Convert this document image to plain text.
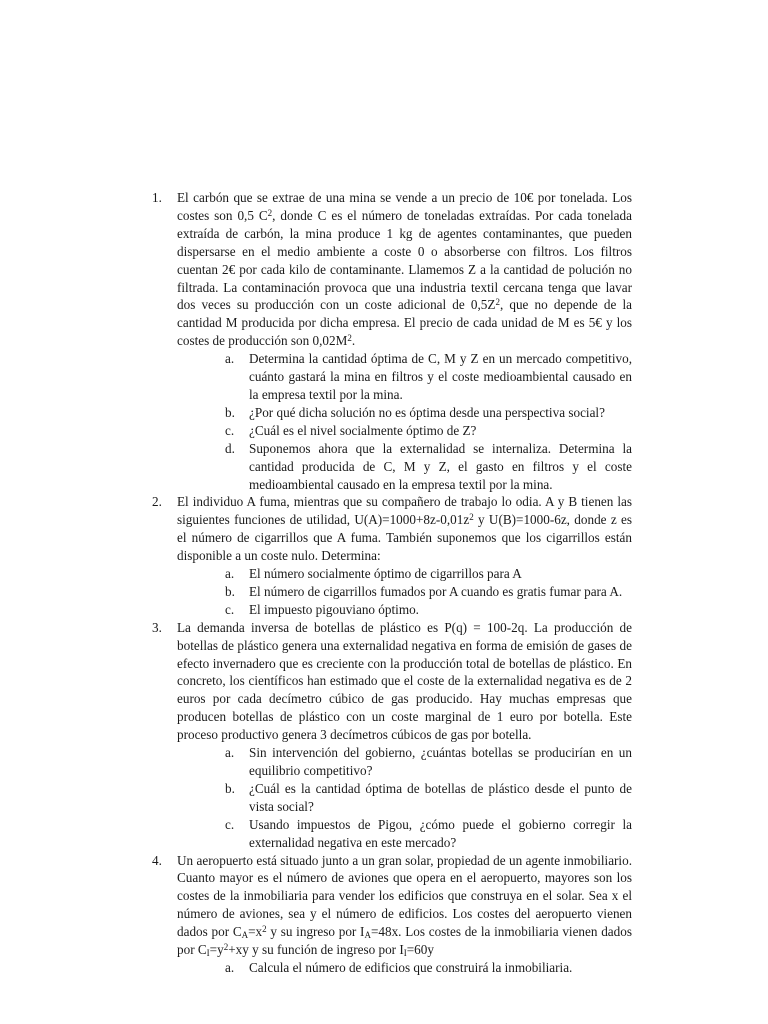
1. El carbón que se extrae de una mina se vende a un precio de 10€ por tonelada. Los costes son 0,5 $C^2$, donde C es el número de toneladas extraídas. Por cada tonelada extraída de carbón, la mina produce 1 kg de agentes contaminantes, que pueden dispersarse en el medio ambiente a coste 0 o absorberse con filtros. Los filtros cuentan 2€ por cada kilo de contaminante. Llamemos Z a la cantidad de polución no filtrada. La contaminación provoca que una industria textil cercana tenga que lavar dos veces su producción con un coste adicional de $0,5Z^2$, que no depende de la cantidad M producida por dicha empresa. El precio de cada unidad de M es 5€ y los costes de producción son $0,02M^2$.
a. Determina la cantidad óptima de C, M y Z en un mercado competitivo, cuánto gastará la mina en filtros y el coste medioambiental causado en la empresa textil por la mina.
b. ¿Por qué dicha solución no es óptima desde una perspectiva social?
c. ¿Cuál es el nivel socialmente óptimo de Z?
d. Suponemos ahora que la externalidad se internaliza. Determina la cantidad producida de C, M y Z, el gasto en filtros y el coste medioambiental causado en la empresa textil por la mina.
2. El individuo A fuma, mientras que su compañero de trabajo lo odia. A y B tienen las siguientes funciones de utilidad, $U(A)=1000+8z-0,01z^2$ y U(B)=1000-6z, donde z es el número de cigarrillos que A fuma. También suponemos que los cigarrillos están disponible a un coste nulo. Determina:
a. El número socialmente óptimo de cigarrillos para A
b. El número de cigarrillos fumados por A cuando es gratis fumar para A.
c. El impuesto pigouviano óptimo.
3. La demanda inversa de botellas de plástico es P(q) = 100-2q. La producción de botellas de plástico genera una externalidad negativa en forma de emisión de gases de efecto invernadero que es creciente con la producción total de botellas de plástico. En concreto, los científicos han estimado que el coste de la externalidad negativa es de 2 euros por cada decímetro cúbico de gas producido. Hay muchas empresas que producen botellas de plástico con un coste marginal de 1 euro por botella. Este proceso productivo genera 3 decímetros cúbicos de gas por botella.
a. Sin intervención del gobierno, ¿cuántas botellas se producirían en un equilibrio competitivo?
b. ¿Cuál es la cantidad óptima de botellas de plástico desde el punto de vista social?
c. Usando impuestos de Pigou, ¿cómo puede el gobierno corregir la externalidad negativa en este mercado?
4. Un aeropuerto está situado junto a un gran solar, propiedad de un agente inmobiliario. Cuanto mayor es el número de aviones que opera en el aeropuerto, mayores son los costes de la inmobiliaria para vender los edificios que construya en el solar. Sea x el número de aviones, sea y el número de edificios. Los costes del aeropuerto vienen dados por $C_A=x^2$ y su ingreso por $I_A=48x$. Los costes de la inmobiliaria vienen dados por $C_I=y^2+xy$ y su función de ingreso por $I_I=60y$
a. Calcula el número de edificios que construirá la inmobiliaria.
